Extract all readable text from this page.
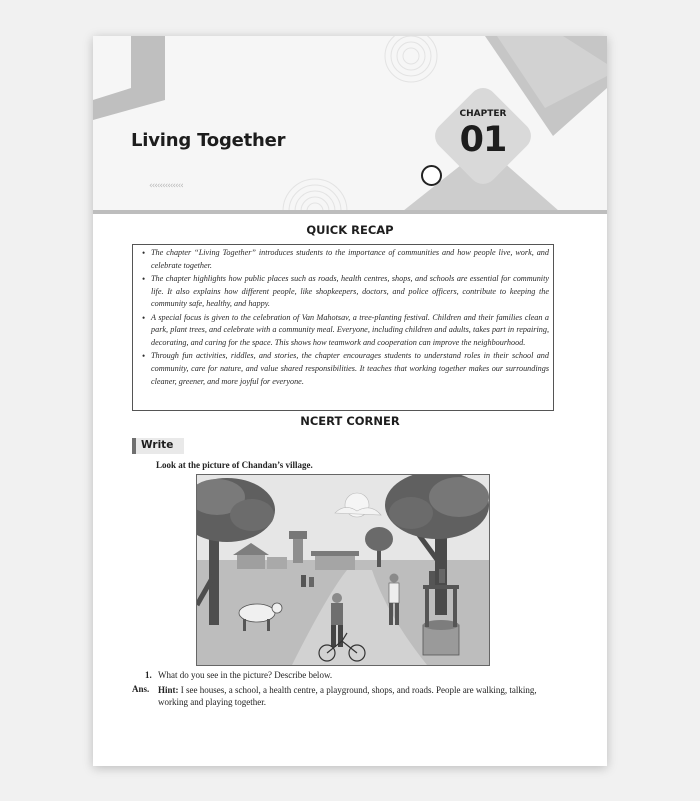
Living Together
‹‹‹‹‹‹‹‹‹‹‹‹‹
CHAPTER
01
QUICK RECAP
• The chapter “Living Together” introduces students to the importance of communities and how people live, work, and celebrate together.
• The chapter highlights how public places such as roads, health centres, shops, and schools are essential for community life. It also explains how different people, like shopkeepers, doctors, and police officers, contribute to keeping the community safe, healthy, and happy.
• A special focus is given to the celebration of Van Mahotsav, a tree-planting festival. Children and their families clean a park, plant trees, and celebrate with a community meal. Everyone, including children and adults, takes part in repairing, decorating, and caring for the space. This shows how teamwork and cooperation can improve the neighbourhood.
• Through fun activities, riddles, and stories, the chapter encourages students to understand roles in their school and community, care for nature, and value shared responsibilities. It teaches that working together makes our surroundings cleaner, greener, and more joyful for everyone.
NCERT CORNER
Write
Look at the picture of Chandan’s village.
1. What do you see in the picture? Describe below.
Ans. Hint: I see houses, a school, a health centre, a playground, shops, and roads. People are walking, talking, working and playing together.
